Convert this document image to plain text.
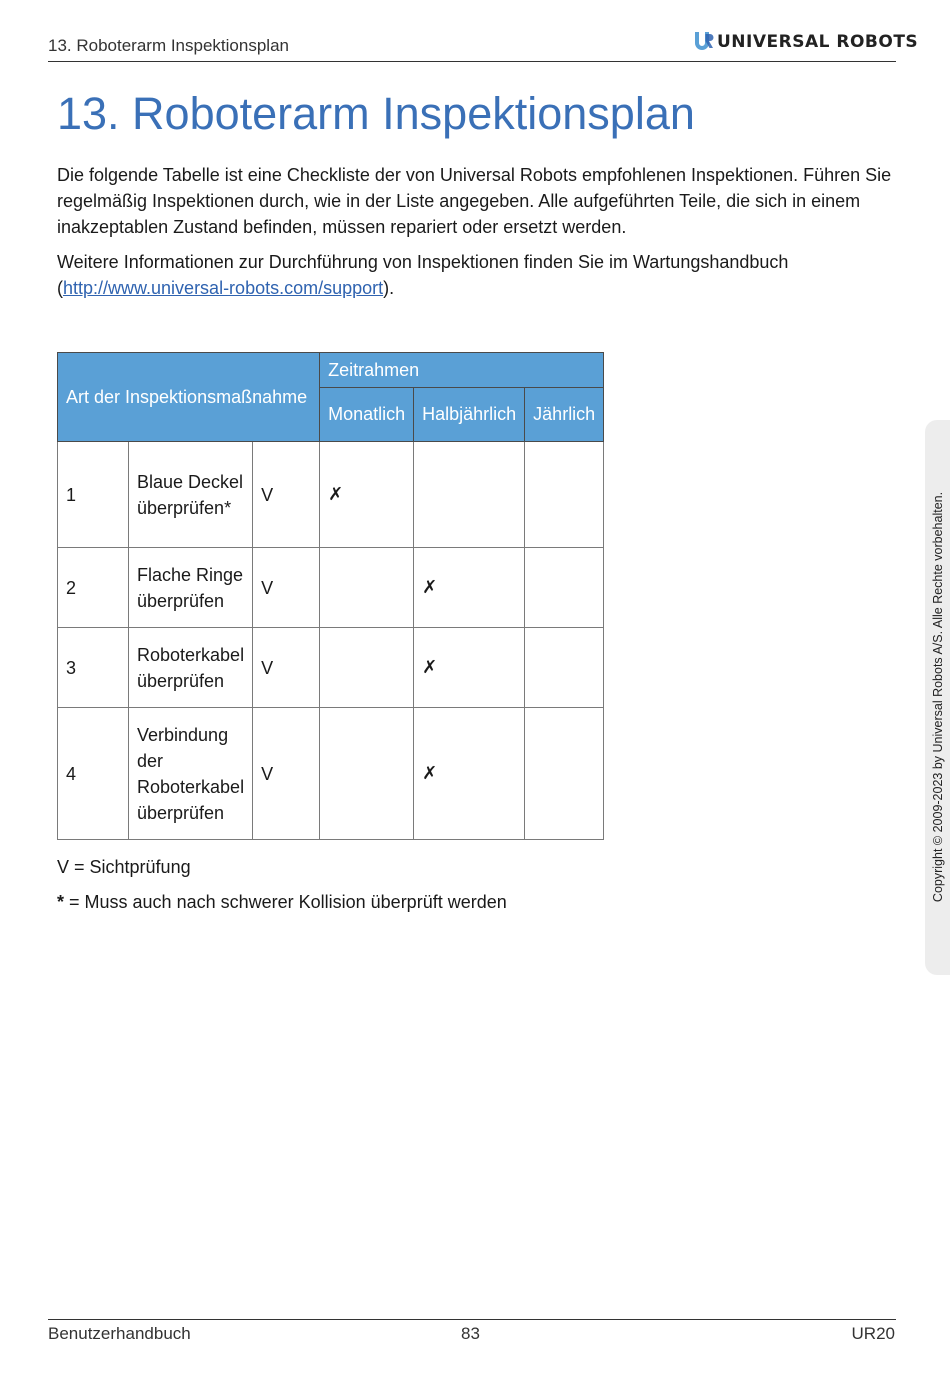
13. Roboterarm Inspektionsplan	UNIVERSAL ROBOTS
13. Roboterarm Inspektionsplan

Die folgende Tabelle ist eine Checkliste der von Universal Robots empfohlenen Inspektionen. Führen Sie regelmäßig Inspektionen durch, wie in der Liste angegeben. Alle aufgeführten Teile, die sich in einem inakzeptablen Zustand befinden, müssen repariert oder ersetzt werden.

Weitere Informationen zur Durchführung von Inspektionen finden Sie im Wartungshandbuch (http://www.universal-robots.com/support).

Art der Inspektionsmaßnahme			Zeitrahmen		
			Monatlich	Halbjährlich	Jährlich
1	Blaue Deckel überprüfen*	V	✗		
2	Flache Ringe überprüfen	V		✗	
3	Roboterkabel überprüfen	V		✗	
4	Verbindung der Roboterkabel überprüfen	V		✗	
V = Sichtprüfung
* = Muss auch nach schwerer Kollision überprüft werden	Copyright © 2009-2023 by Universal Robots A/S. Alle Rechte vorbehalten.
Benutzerhandbuch	83	UR20
